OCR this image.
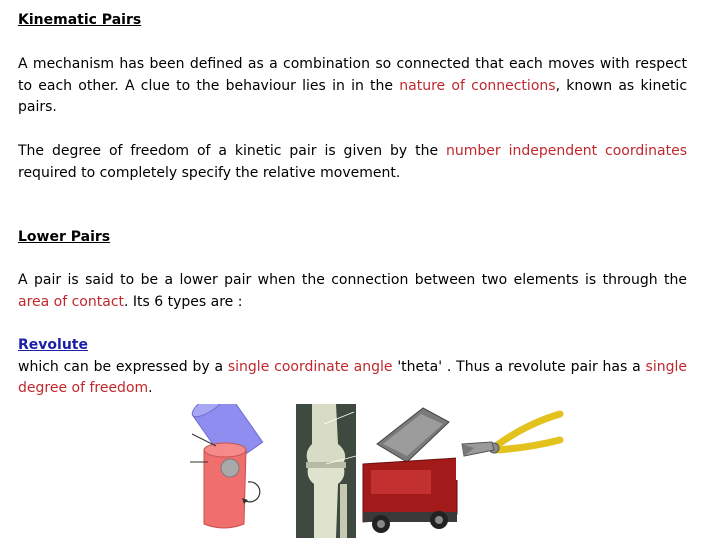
Kinematic Pairs
A mechanism has been defined as a combination so connected that each moves with respect to each other. A clue to the behaviour lies in in the nature of connections, known as kinetic pairs.
The degree of freedom of a kinetic pair is given by the number independent coordinates required to completely specify the relative movement.
Lower Pairs
A pair is said to be a lower pair when the connection between two elements is through the area of contact. Its 6 types are :
Revolute
which can be expressed by a single coordinate angle 'theta' . Thus a revolute pair has a single degree of freedom.
